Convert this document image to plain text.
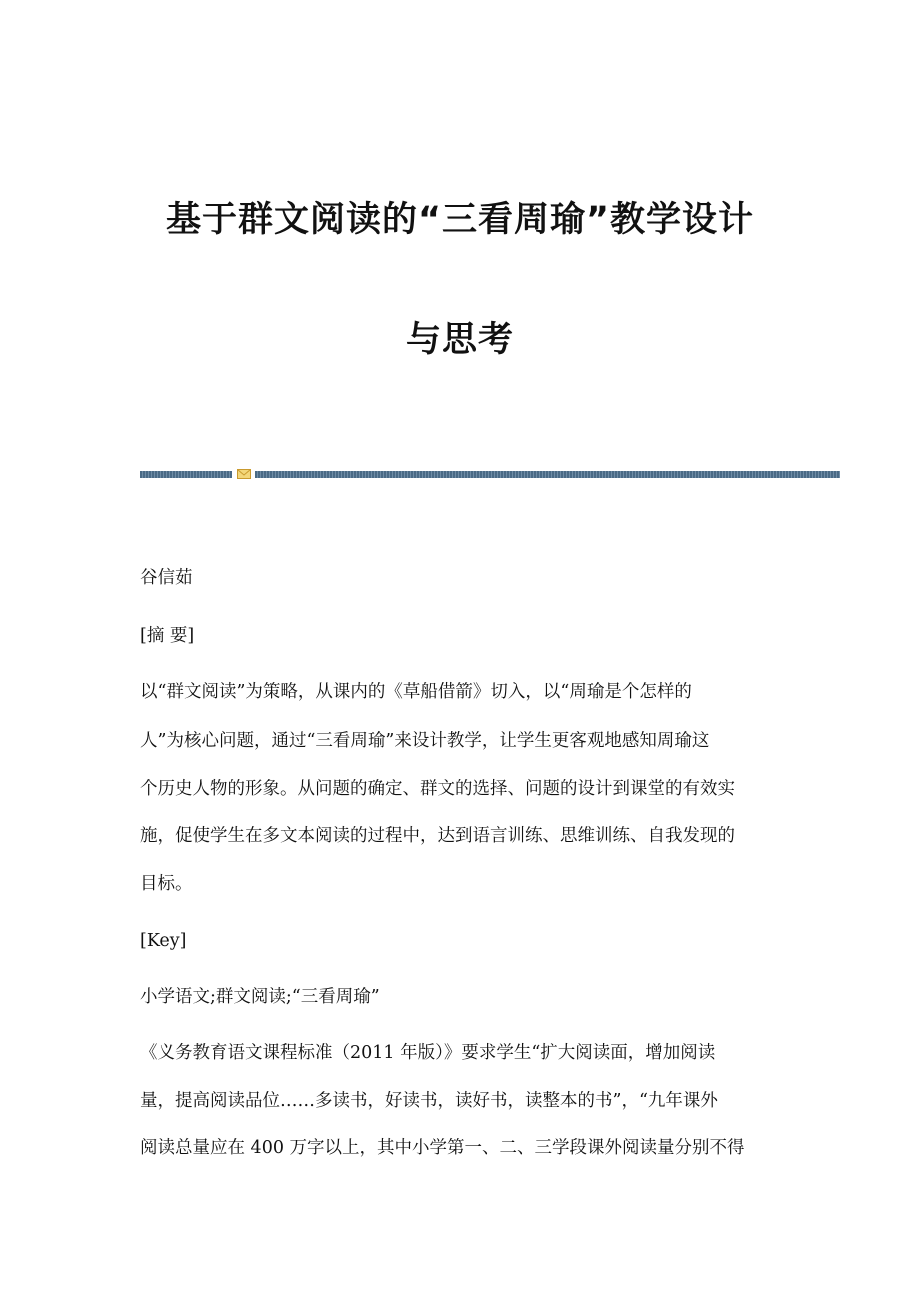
基于群文阅读的“三看周瑜”教学设计
与思考
谷信茹
[摘 要]
以“群文阅读”为策略，从课内的《草船借箭》切入，以“周瑜是个怎样的
人”为核心问题，通过“三看周瑜”来设计教学，让学生更客观地感知周瑜这
个历史人物的形象。从问题的确定、群文的选择、问题的设计到课堂的有效实
施，促使学生在多文本阅读的过程中，达到语言训练、思维训练、自我发现的
目标。
[Key]
小学语文;群文阅读;“三看周瑜”
《义务教育语文课程标准（2011 年版）》要求学生“扩大阅读面，增加阅读
量，提高阅读品位……多读书，好读书，读好书，读整本的书”，“九年课外
阅读总量应在 400 万字以上，其中小学第一、二、三学段课外阅读量分别不得
